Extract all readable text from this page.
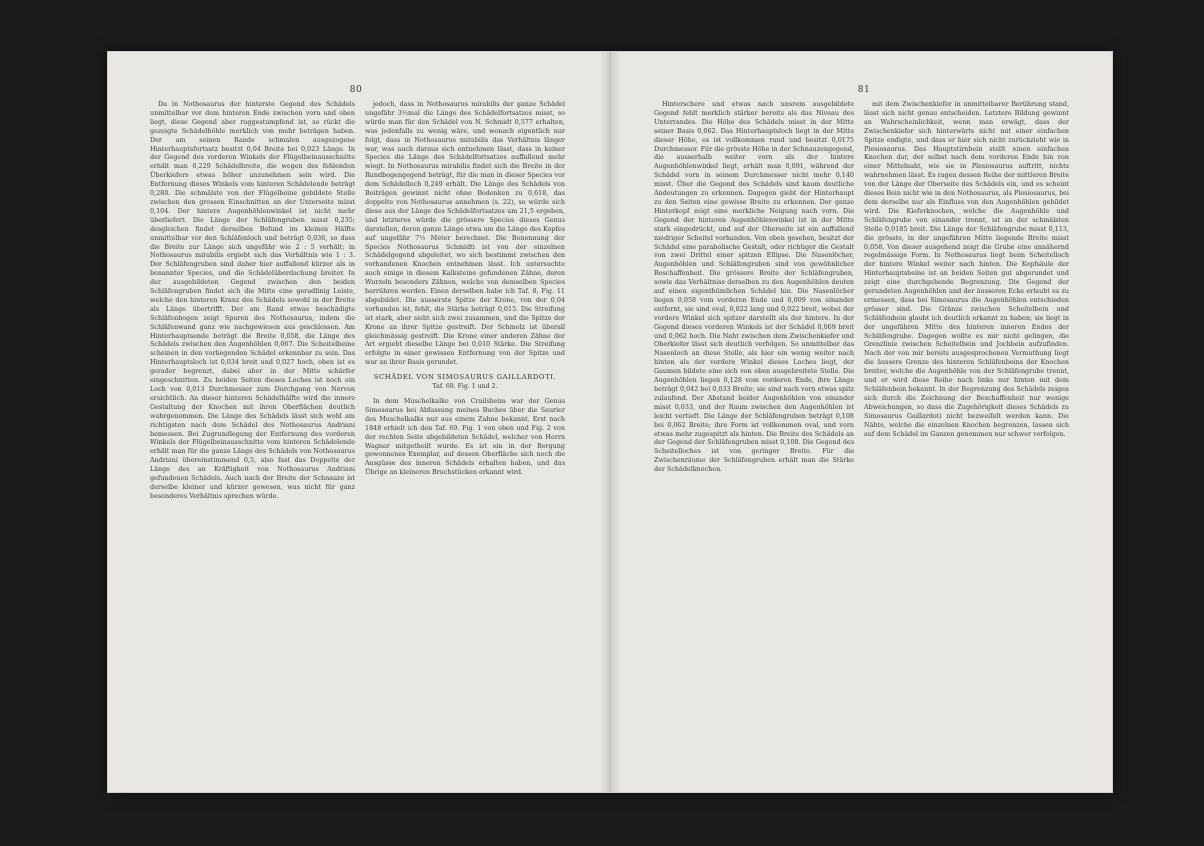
80

Da in Nothosaurus der hinterste Gegend des Schädels unmittelbar vor dem hinteren Ende zwischen vorn und oben liegt, diese Gegend aber ruggestumpfend ist, so rückt die gezeigte Schädelhöhle merklich von mehr beträgen haben. Der am seinen Rande schmalen ausgezogene Hinterhauptsfortsatz besitzt 0,04 Breite bei 0,023 Länge. In der Gegend des vorderen Winkels der Flügelbeinausschnitte erhält man 0,229 Schädelbreite, die wegen des fehlenden Überkiefers etwas höher anzunehmen sein wird. Die Entfernung dieses Winkels vom hinteren Schädelende beträgt 0,280. Die schmälste von der Flügelbeine gebildete Stelle zwischen den grossen Einschnitten an der Unterseite misst 0,104. Der hintere Augenhöhlenwinkel ist nicht mehr überliefert. Die Länge der Schläfengruben misst 0,235; desgleichen findet derselben Befund im kleinen Hälfte unmittelbar vor den Schläfenloch und beträgt 0,036, so dass die Breite zur Länge sich ungefähr wie 2 : 5 verhält; in Nothosaurus mirabilis ergiebt sich das Verhältnis wie 1 : 3. Der Schläfengruben sind daher hier auffallend kürzer als in benannter Species, und die Schädelüberdachung breiter. In der ausgebildeten Gegend zwischen den beiden Schläfengruben findet sich die Mitte eine geradlinig Leiste, welche den hinteren Kranz des Schädels sowohl in der Breite als Länge übertrifft. Der am Rand etwas beschädigte Schläfenbogen zeigt Spuren des Nothosaurus, indem die Schläfenwand ganz wie nachgewiesen aus geschlossen. Am Hinterhauptsende beträgt die Breite 0,058, die Länge des Schädels zwischen den Augenhöhlen 0,067. Die Scheitelbeine scheinen in den vorliegenden Schädel erkennbar zu sein. Das Hinterhauptsloch ist 0,034 breit und 0,027 hoch, oben ist es gerader begrenzt, dabei aber in der Mitte schärfer eingeschnitten. Zu beiden Seiten dieses Loches ist noch ein Loch von 0,013 Durchmesser zum Durchgang von Nerven ersichtlich. An dieser hinteren Schädelhälfte wird die innere Gestaltung der Knochen mit ihren Oberflächen deutlich wahrgenommen. Die Länge des Schädels lässt sich wohl am richtigsten nach dem Schädel des Nothosaurus Andriani bemessen. Bei Zugrundlegung der Entfernung des vorderen Winkels der Flügelbeinausschnitte vom hinteren Schädelende erhält man für die ganze Länge des Schädels von Nothosaurus Andriani übereinstimmend 0,5, also fast das Doppelte der Länge des an Kräftigkeit von Nothosaurus Andriani gefundenen Schädels. Auch nach der Breite der Schnauze ist derselbe kleiner und kürzer gewesen, was nicht für ganz besonderes Verhältnis sprechen würde.

jedoch, dass in Nothosaurus mirabilis der ganze Schädel ungefähr 3½mal die Länge des Schädelfortsatzes misst, so würde man für den Schädel von N. Schmidt 0,577 erhalten, was jedenfalls zu wenig wäre, und wonach eigentlich nur folgt, dass in Nothosaurus mirabilis das Verhältnis länger war, was auch daraus sich entnehmen lässt, dass in keiner Species die Länge des Schädelfortsatzes auffallend mehr wiegt. In Nothosaurus mirabilis findet sich die Breite in der Rundbogengegend beträgt, für die man in dieser Species vor dem Schädelloch 0,249 erhält. Die Länge des Schädels von Beiträgen gewinnt nicht ohne Bedenken zu 0,618, das doppelte von Nothosaurus annehmen (s. 22), so würde sich diese aus der Länge des Schädelfortsatzes um 21,5 ergeben, und letzteres würde die grössere Species dieses Genus darstellen, deren ganze Länge etwa um die Länge des Kopfes auf ungefähr 7½ Meter berechnet. Die Benennung der Species Nothosaurus Schmidti ist von der einzelnen Schädelgegend abgeleitet, wo sich bestimmt zwischen den vorhandenen Knochen entnehmen lässt. Ich untersuchte auch einige in diesem Kalksteine gefundenen Zähne, deren Wurzeln besonders Zähnen, welche von demselben Species herrühren werden. Einen derselben habe ich Taf. 8, Fig. 11 abgebildet. Die ausserste Spitze der Krone, von der 0,04 vorhanden ist, fehlt, die Stärke beträgt 0,015. Die Streifung ist stark, aber sieht sich zwei zusammen, und die Spitze der Krone an ihrer Spitze gestreift. Der Schmelz ist überall gleichmässig gestreift. Die Krone einer anderen Zähne der Art ergiebt dieselbe Länge bei 0,010 Stärke. Die Streifung erfolgte in einer gewissen Entfernung von der Spitze und war an ihrer Basis gerundet.

SCHÄDEL VON SIMOSAURUS GAILLARDOTI.

Taf. 69. Fig. 1 und 2.

In dem Muschelkalke von Crailsheim war der Genus Simosaurus bei Abfassung meines Buches über die Saurier des Muschelkalks nur aus einem Zahne bekannt. Erst nach 1848 erhielt ich den Taf. 69. Fig. 1 von oben und Fig. 2 von der rechten Seite abgebildeten Schädel, welcher von Herrn Wagner mitgetheilt wurde. Es ist ein in der Bergung gewonnenes Exemplar, auf dessen Oberfläche sich noch die Ausgüsse des inneren Schädels erhalten haben, und das Übrige an kleineren Bruchstücken erkannt wird.

81

Hinterschere und etwas nach unsrem ausgebildete Gegend fehlt merklich stärker bereits als das Niveau des Unterrandes. Die Höhe des Schädels misst in der Mitte seiner Basis 0,062. Das Hinterhauptsloch liegt in der Mitte dieser Höhe, es ist vollkommen rund und besitzt 0,0175 Durchmesser. Für die grösste Höhe in der Schnauzengegend, die ausserhalb weiter vorn als der hintere Augenhöhlenwinkel liegt, erhält man 0,091, während der Schädel vorn in seinem Durchmesser nicht mehr 0,140 misst. Über die Gegend des Schädels sind kaum deutliche Andeutungen zu erkennen. Dagegen giebt der Hinterhaupt zu den Seiten eine gewisse Breite zu erkennen. Der ganze Hinterkopf zeigt eine merkliche Neigung nach vorn. Die Gegend der hinteren Augenhöhlenwinkel ist in der Mitte stark eingedrückt, und auf der Oberseite ist ein auffallend niedriger Scheitel vorhanden. Von oben gesehen, besitzt der Schädel eine parabolische Gestalt, oder richtiger die Gestalt von zwei Drittel einer spitzen Ellipse. Die Nasenlöcher, Augenhöhlen und Schläfengruben sind von gewöhnlicher Beschaffenheit. Die grössere Breite der Schläfengruben, sowie das Verhältniss derselben zu den Augenhöhlen deuten auf einen eigenthümlichen Schädel hin. Die Nasenlöcher liegen 0,058 vom vorderen Ende und 0,009 von einander entfernt, sie sind oval, 0,022 lang und 0,022 breit, wobei der vordere Winkel sich spitzer darstellt als der hintere. In der Gegend dieses vorderen Winkels ist der Schädel 0,069 breit und 0,062 hoch. Die Naht zwischen dem Zwischenkiefer und Oberkiefer lässt sich deutlich verfolgen. So unmittelbar das Nasenloch an diese Stelle, als hier ein wenig weiter nach hinten als der vordere Winkel dieses Loches liegt, der Gaumen bildete eine sich von oben ausgebreitete Stelle. Die Augenhöhlen liegen 0,128 vom vorderen Ende, ihre Länge beträgt 0,042 bei 0,033 Breite; sie sind nach vorn etwas spitz zulaufend. Der Abstand beider Augenhöhlen von einander misst 0,033, und der Raum zwischen den Augenhöhlen ist leicht vertieft. Die Länge der Schläfengruben beträgt 0,108 bei 0,062 Breite; ihre Form ist vollkommen oval, und vorn etwas mehr zugespitzt als hinten. Die Breite des Schädels an der Gegend der Schläfengruben misst 0,108. Die Gegend des Scheitelloches ist von geringer Breite. Für die Zwischenräume der Schläfengruben erhält man die Stärke der Schädelknochen.

mit dem Zwischenkiefer in unmittelbarer Berührung stand, lässt sich nicht genau entscheiden. Letztere Bildung gewinnt an Wahrscheinlichkeit, wenn man erwägt, dass der Zwischenkiefer sich hinterwärts nicht mit einer einfachen Spitze endigte, und dass er hier sich nicht zurückzieht wie in Plesiosaurus. Das Hauptstirnbein stellt einen einfachen Knochen dar, der selbst nach dem vorderen Ende hin von einer Mittelnaht, wie sie in Plesiosaurus auftritt, nichts wahrnehmen lässt. Es ragen dessen Reihe der mittleren Breite von der Länge der Oberseite des Schädels ein, und es scheint dieses Bein nicht wie in den Nothosaurus, als Plesiosaurus, bei dem derselbe nur als Einfluss von den Augenhöhlen gebildet wird. Die Kieferknochen, welche die Augenhöhle und Schläfengrube von einander trennt, ist an der schmälsten Stelle 0,0185 breit. Die Länge der Schläfengrube misst 0,113, die grösste, in der ungefähren Mitte liegende Breite misst 0,058. Von dieser ausgehend zeigt die Grube eine annähernd regelmässige Form. In Nothosaurus liegt beim Scheitelloch der hintere Winkel weiter nach hinten. Die Kopfsäule der Hinterhauptsbeine ist an beiden Seiten gut abgerundet und zeigt eine durchgehende Begrenzung. Die Gegend der gerundeten Augenhöhlen und der äusseren Ecke erlaubt es zu ermessen, dass bei Simosaurus die Augenhöhlen entschieden grösser sind. Die Gränze zwischen Scheitelbein und Schläfenbein glaubt ich deutlich erkannt zu haben; sie liegt in der ungefähren Mitte des hinteren inneren Endes der Schläfengrube. Dagegen wollte es mir nicht gelingen, die Grenzlinie zwischen Scheitelbein und Jochbein aufzufinden. Nach der von mir bereits ausgesprochenen Vermuthung liegt die äussere Grenze des hinteren Schläfenbeins der Knochen breiter, welche die Augenhöhle von der Schläfengrube trennt, und er wird diese Reihe nach links nur hinten mit dem Schläfenbein bekannt. In der Begrenzung des Schädels zeigen sich durch die Zeichnung der Beschaffenheit nur wenige Abweichungen, so dass die Zugehörigkeit dieses Schädels zu Simosaurus Gaillardoti nicht bezweifelt werden kann. Die Nähte, welche die einzelnen Knochen begrenzen, lassen sich auf dem Schädel im Ganzen genommen nur schwer verfolgen.
